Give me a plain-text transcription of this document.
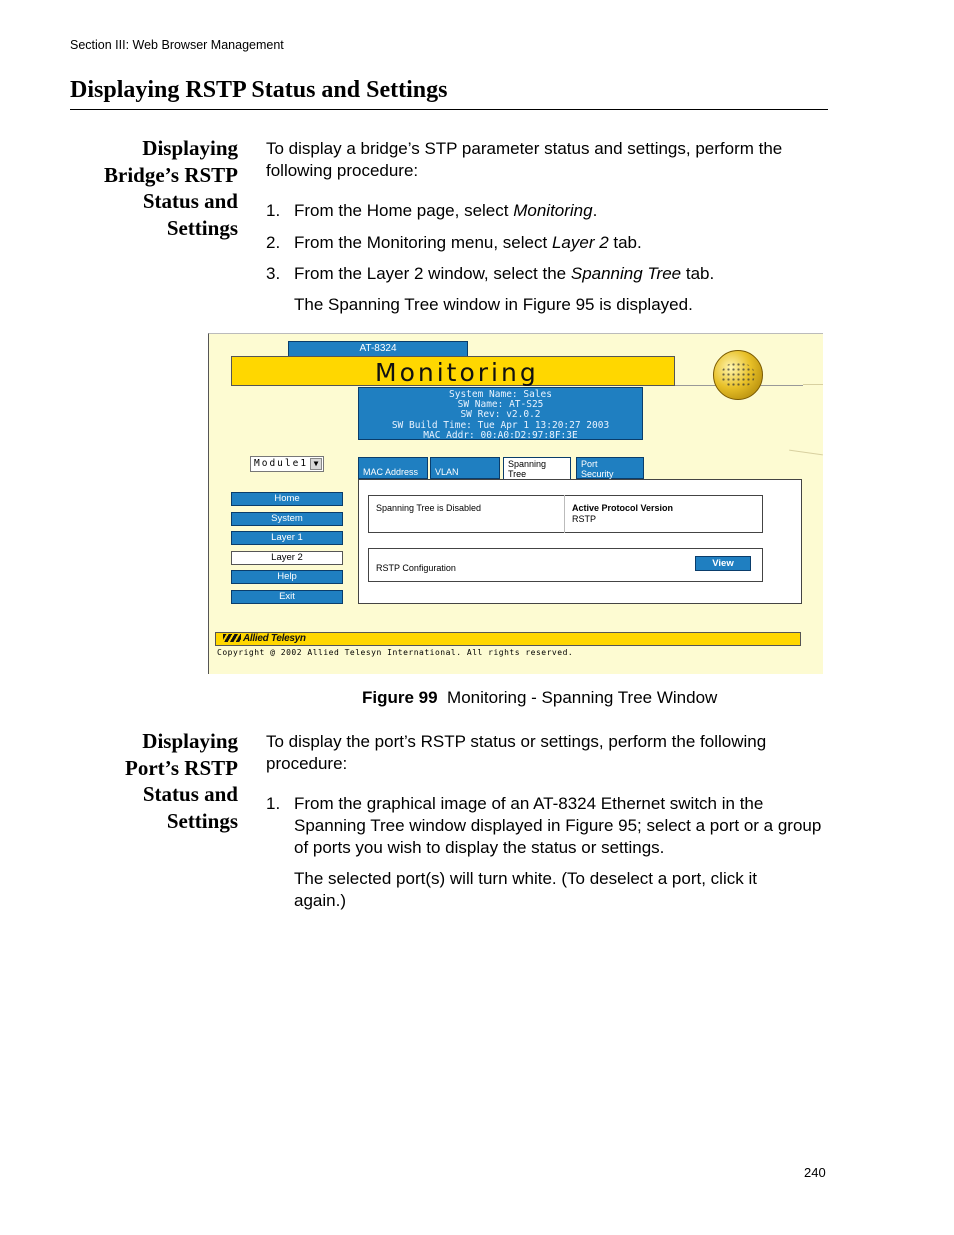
Section III: Web Browser Management
Displaying RSTP Status and Settings
Displaying
Bridge’s RSTP
Status and
Settings
To display a bridge’s STP parameter status and settings, perform the
following procedure:
1. From the Home page, select Monitoring.
2. From the Monitoring menu, select Layer 2 tab.
3. From the Layer 2 window, select the Spanning Tree tab.
The Spanning Tree window in Figure 95 is displayed.
AT-8324
Monitoring
System Name: Sales
SW Name: AT-S25
SW Rev: v2.0.2
SW Build Time: Tue Apr 1 13:20:27 2003
MAC Addr: 00:A0:D2:97:8F:3E
Module1 ▼
Home
System
Layer 1
Layer 2
Help
Exit
MAC Address VLAN
Spanning
Tree
Port
Security
Spanning Tree is Disabled	Active Protocol Version
RSTP
RSTP Configuration	View
Allied Telesyn
Copyright @ 2002 Allied Telesyn International. All rights reserved.
Figure 99 Monitoring - Spanning Tree Window
Displaying
Port’s RSTP
Status and
Settings
To display the port’s RSTP status or settings, perform the following
procedure:
1. From the graphical image of an AT-8324 Ethernet switch in the
Spanning Tree window displayed in Figure 95; select a port or a group
of ports you wish to display the status or settings.
The selected port(s) will turn white. (To deselect a port, click it
again.)
240
